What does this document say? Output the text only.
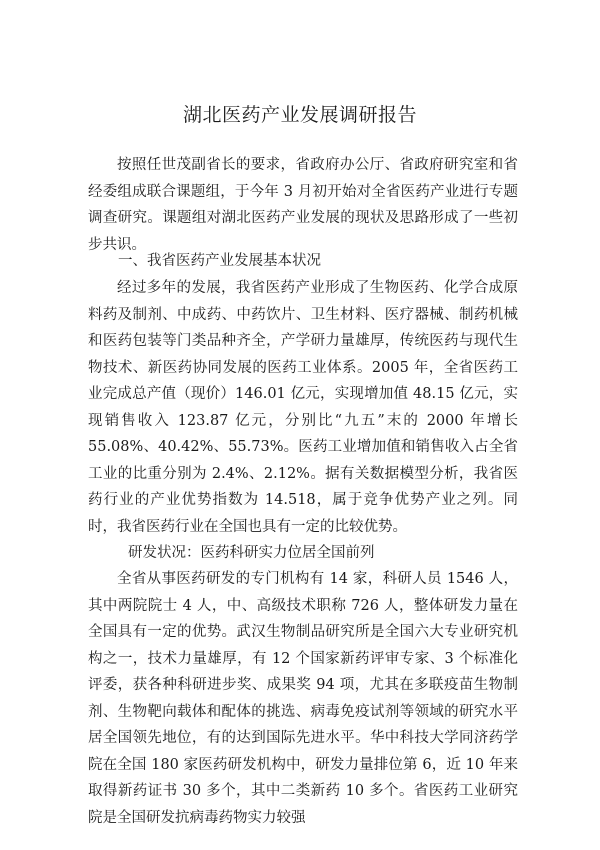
湖北医药产业发展调研报告

按照任世茂副省长的要求，省政府办公厅、省政府研究室和省经委组成联合课题组，于今年 3 月初开始对全省医药产业进行专题调查研究。课题组对湖北医药产业发展的现状及思路形成了一些初步共识。

一、我省医药产业发展基本状况

经过多年的发展，我省医药产业形成了生物医药、化学合成原料药及制剂、中成药、中药饮片、卫生材料、医疗器械、制药机械和医药包装等门类品种齐全，产学研力量雄厚，传统医药与现代生物技术、新医药协同发展的医药工业体系。2005 年，全省医药工业完成总产值（现价）146.01 亿元，实现增加值 48.15 亿元，实现销售收入 123.87 亿元，分别比“九五”末的 2000 年增长 55.08%、40.42%、55.73%。医药工业增加值和销售收入占全省工业的比重分别为 2.4%、2.12%。据有关数据模型分析，我省医药行业的产业优势指数为 14.518，属于竞争优势产业之列。同时，我省医药行业在全国也具有一定的比较优势。

研发状况：医药科研实力位居全国前列

全省从事医药研发的专门机构有 14 家，科研人员 1546 人，其中两院院士 4 人，中、高级技术职称 726 人，整体研发力量在全国具有一定的优势。武汉生物制品研究所是全国六大专业研究机构之一，技术力量雄厚，有 12 个国家新药评审专家、3 个标准化评委，获各种科研进步奖、成果奖 94 项，尤其在多联疫苗生物制剂、生物靶向载体和配体的挑选、病毒免疫试剂等领域的研究水平居全国领先地位，有的达到国际先进水平。华中科技大学同济药学院在全国 180 家医药研发机构中，研发力量排位第 6，近 10 年来取得新药证书 30 多个，其中二类新药 10 多个。省医药工业研究院是全国研发抗病毒药物实力较强
